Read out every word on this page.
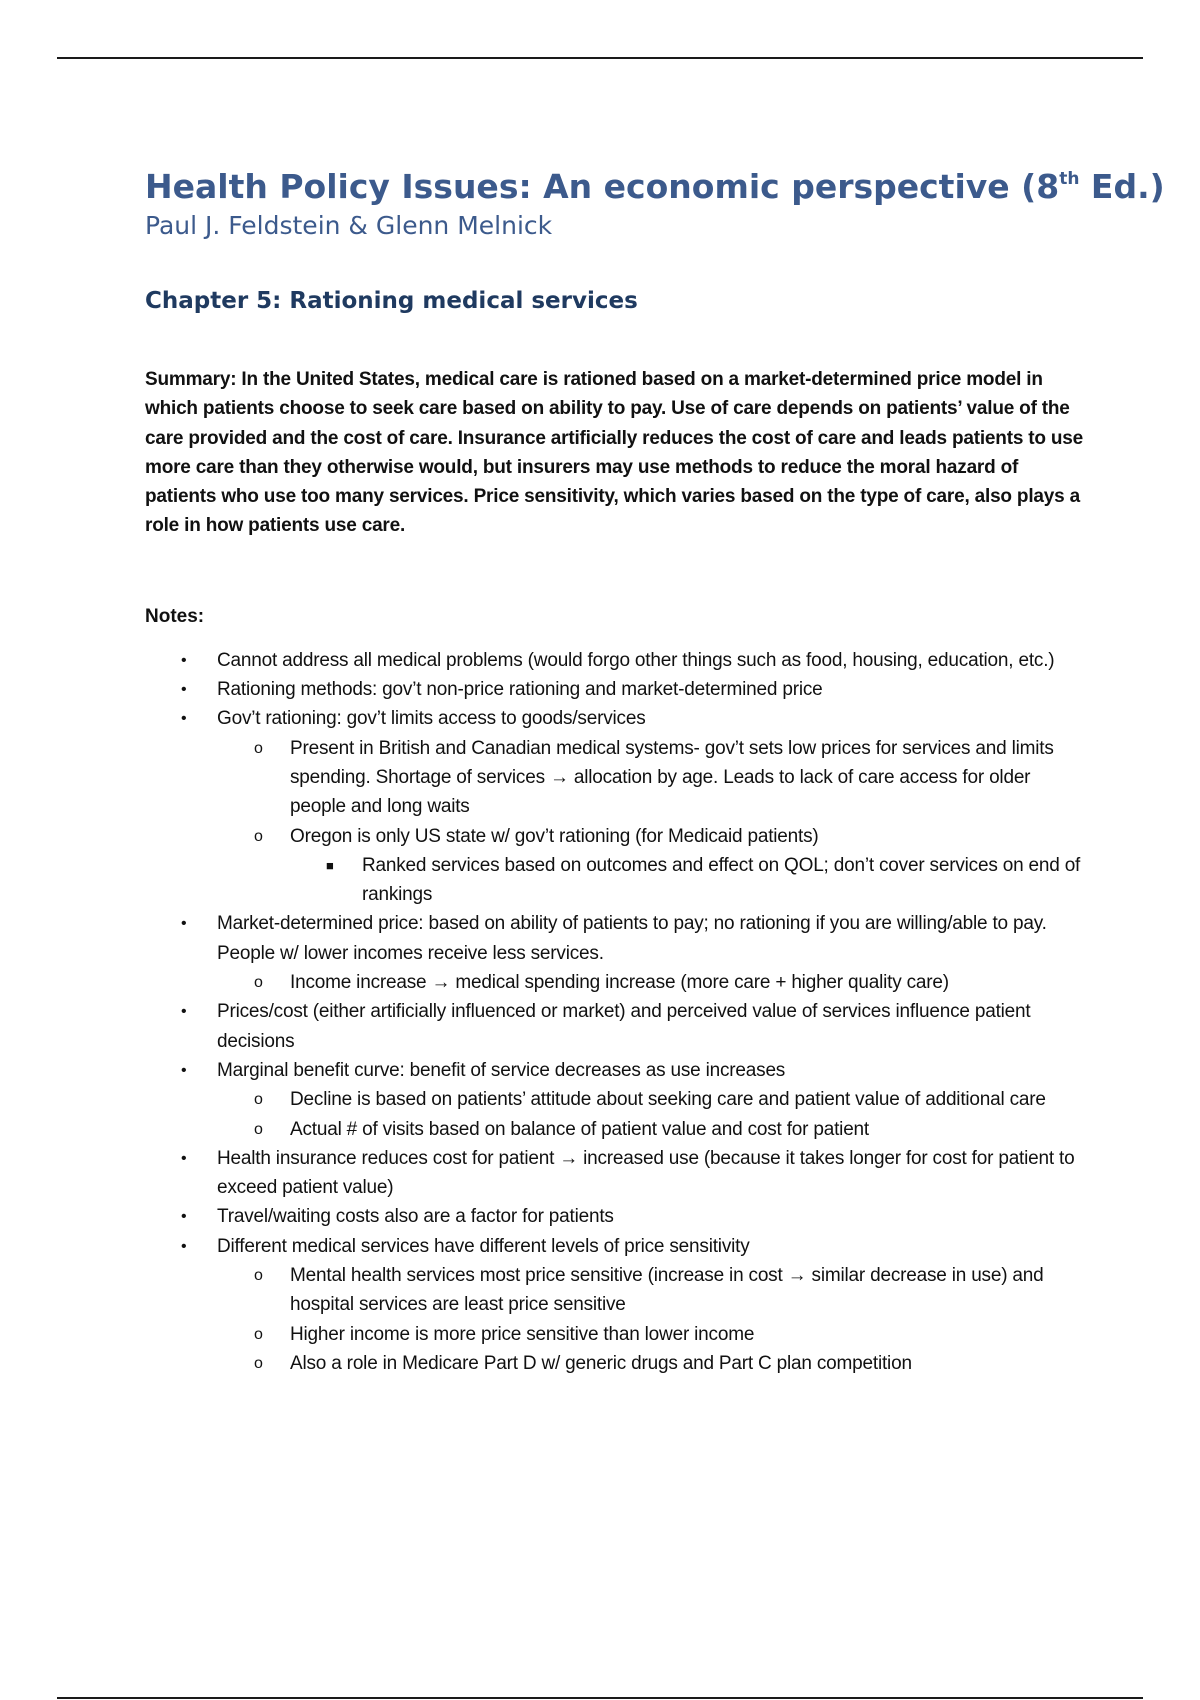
Health Policy Issues: An economic perspective (8th Ed.)

Paul J. Feldstein & Glenn Melnick

Chapter 5: Rationing medical services

Summary: In the United States, medical care is rationed based on a market-determined price model in which patients choose to seek care based on ability to pay. Use of care depends on patients’ value of the care provided and the cost of care. Insurance artificially reduces the cost of care and leads patients to use more care than they otherwise would, but insurers may use methods to reduce the moral hazard of patients who use too many services. Price sensitivity, which varies based on the type of care, also plays a role in how patients use care.

Notes:

• Cannot address all medical problems (would forgo other things such as food, housing, education, etc.)
• Rationing methods: gov’t non-price rationing and market-determined price
• Gov’t rationing: gov’t limits access to goods/services
o Present in British and Canadian medical systems- gov’t sets low prices for services and limits spending. Shortage of services → allocation by age. Leads to lack of care access for older people and long waits
o Oregon is only US state w/ gov’t rationing (for Medicaid patients)
■ Ranked services based on outcomes and effect on QOL; don’t cover services on end of rankings
• Market-determined price: based on ability of patients to pay; no rationing if you are willing/able to pay. People w/ lower incomes receive less services.
o Income increase → medical spending increase (more care + higher quality care)
• Prices/cost (either artificially influenced or market) and perceived value of services influence patient decisions
• Marginal benefit curve: benefit of service decreases as use increases
o Decline is based on patients’ attitude about seeking care and patient value of additional care
o Actual # of visits based on balance of patient value and cost for patient
• Health insurance reduces cost for patient → increased use (because it takes longer for cost for patient to exceed patient value)
• Travel/waiting costs also are a factor for patients
• Different medical services have different levels of price sensitivity
o Mental health services most price sensitive (increase in cost → similar decrease in use) and hospital services are least price sensitive
o Higher income is more price sensitive than lower income
o Also a role in Medicare Part D w/ generic drugs and Part C plan competition
